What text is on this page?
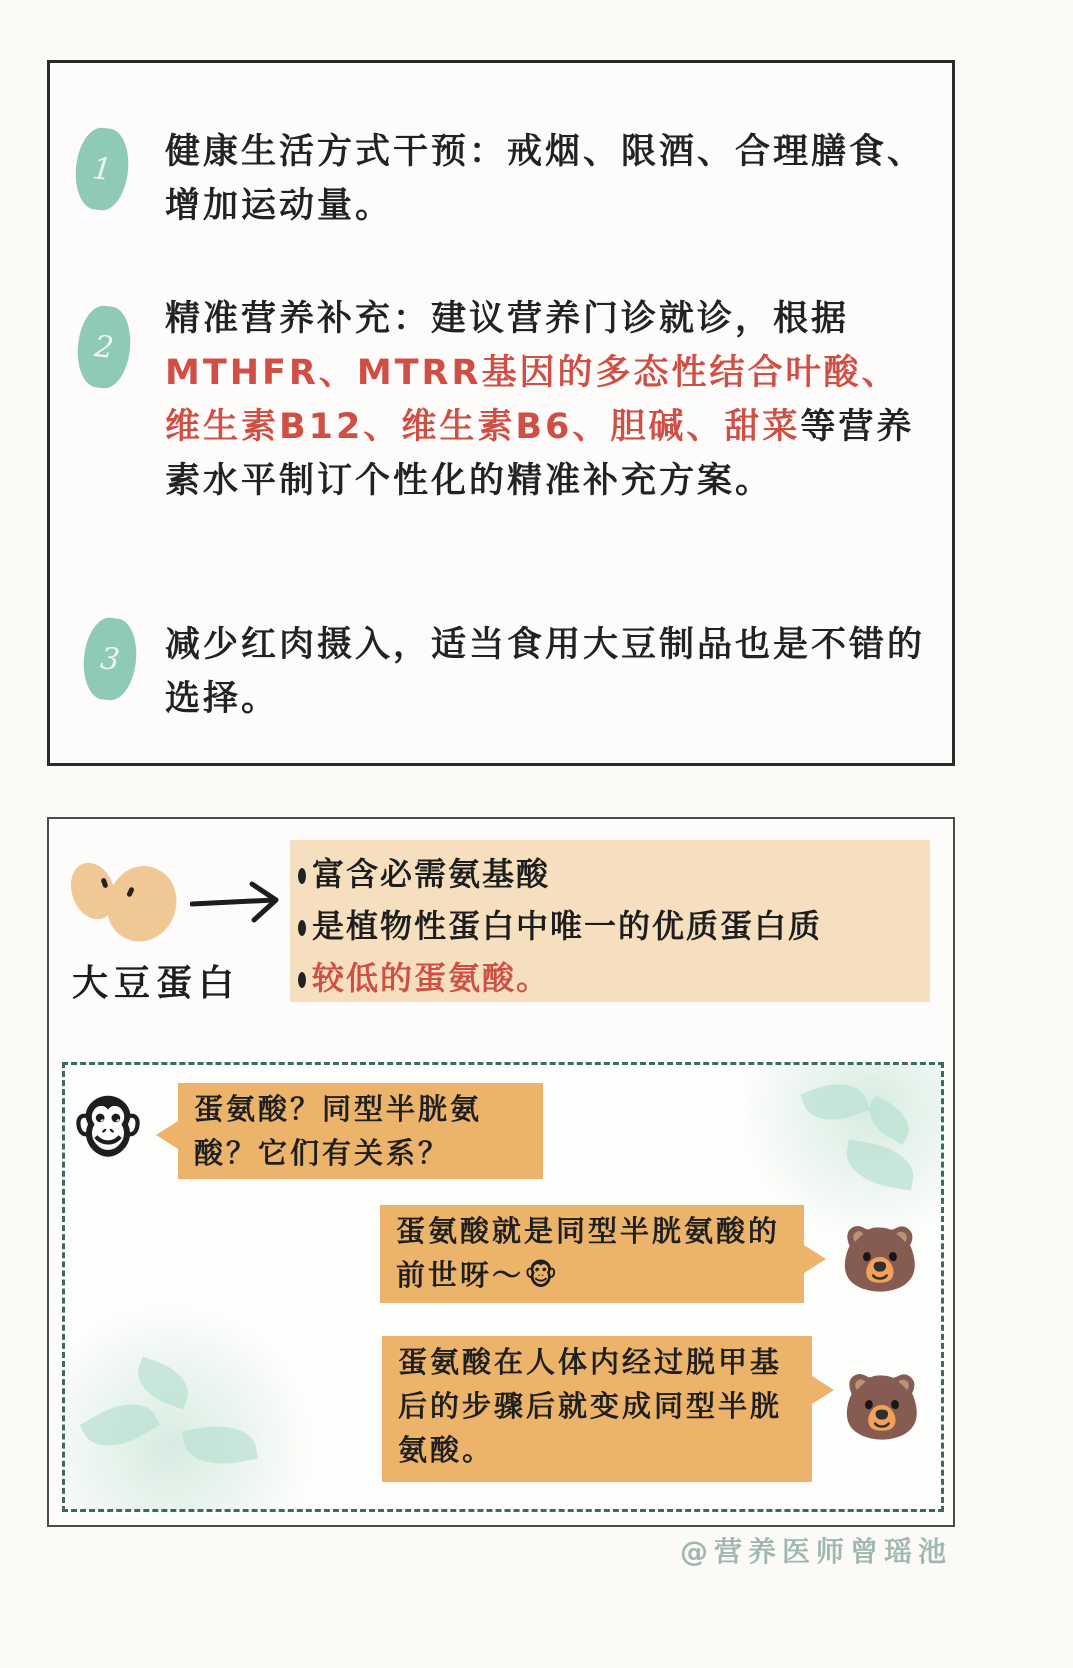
1	健康生活方式干预：戒烟、限酒、合理膳食、增加运动量。
2
精准营养补充：建议营养门诊就诊，根据MTHFR、MTRR基因的多态性结合叶酸、维生素B12、维生素B6、胆碱、甜菜等营养素水平制订个性化的精准补充方案。
3	减少红肉摄入，适当食用大豆制品也是不错的选择。
大豆蛋白
富含必需氨基酸
是植物性蛋白中唯一的优质蛋白质
较低的蛋氨酸。
🐵	蛋氨酸？同型半胱氨酸？它们有关系？
蛋氨酸就是同型半胱氨酸的前世呀～🐵	🐻
蛋氨酸在人体内经过脱甲基后的步骤后就变成同型半胱氨酸。
🐻
@营养医师曾瑶池
